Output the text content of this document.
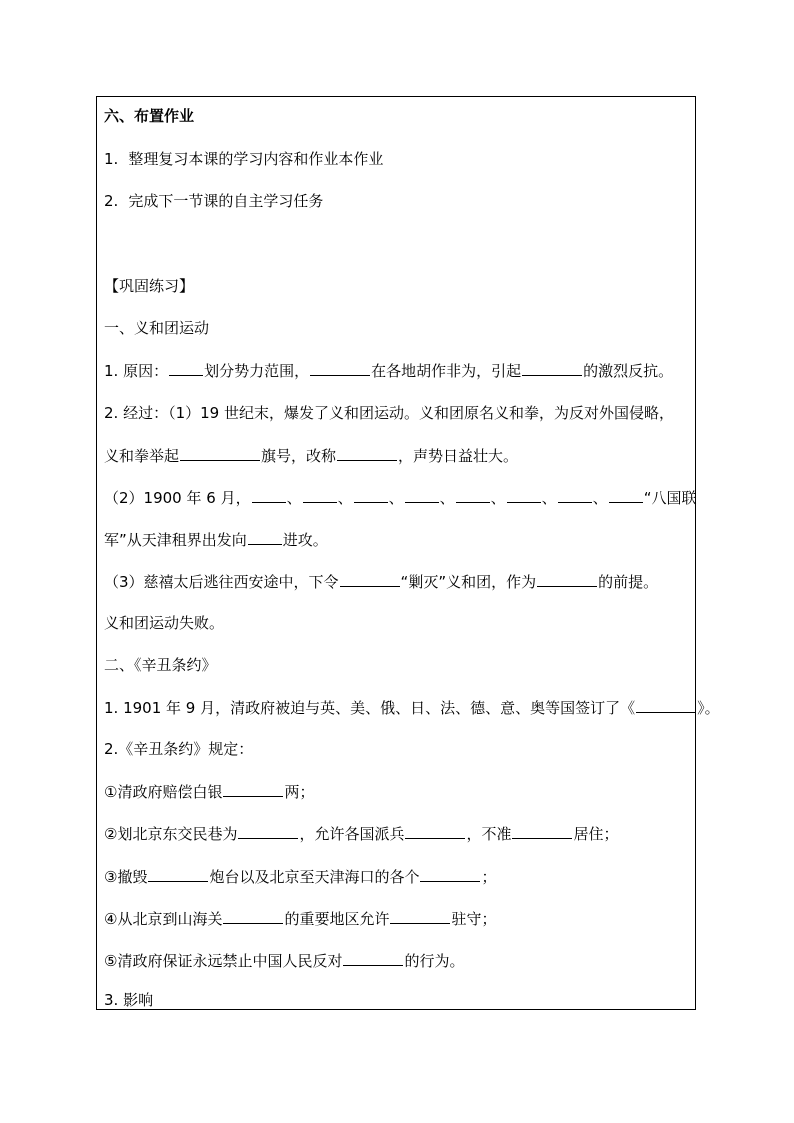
六、布置作业
1. 整理复习本课的学习内容和作业本作业
2. 完成下一节课的自主学习任务
【巩固练习】
一、义和团运动
1. 原因： 划分势力范围，	在各地胡作非为，引起	的激烈反抗。
2. 经过：（1）19 世纪末，爆发了义和团运动。义和团原名义和拳，为反对外国侵略，
义和拳举起	旗号，改称	，声势日益壮大。
（2）1900 年 6 月， 、 、 、 、 、 、 、 “八国联
军”从天津租界出发向 进攻。
（3）慈禧太后逃往西安途中，下令	“剿灭”义和团，作为	的前提。
义和团运动失败。
二、《辛丑条约》
1. 1901 年 9 月，清政府被迫与英、美、俄、日、法、德、意、奥等国签订了《	》。
2.《辛丑条约》规定：
①清政府赔偿白银	两；
②划北京东交民巷为	，允许各国派兵	，不准	居住；
③撤毁	炮台以及北京至天津海口的各个	；
④从北京到山海关	的重要地区允许	驻守；
⑤清政府保证永远禁止中国人民反对	的行为。
3. 影响
